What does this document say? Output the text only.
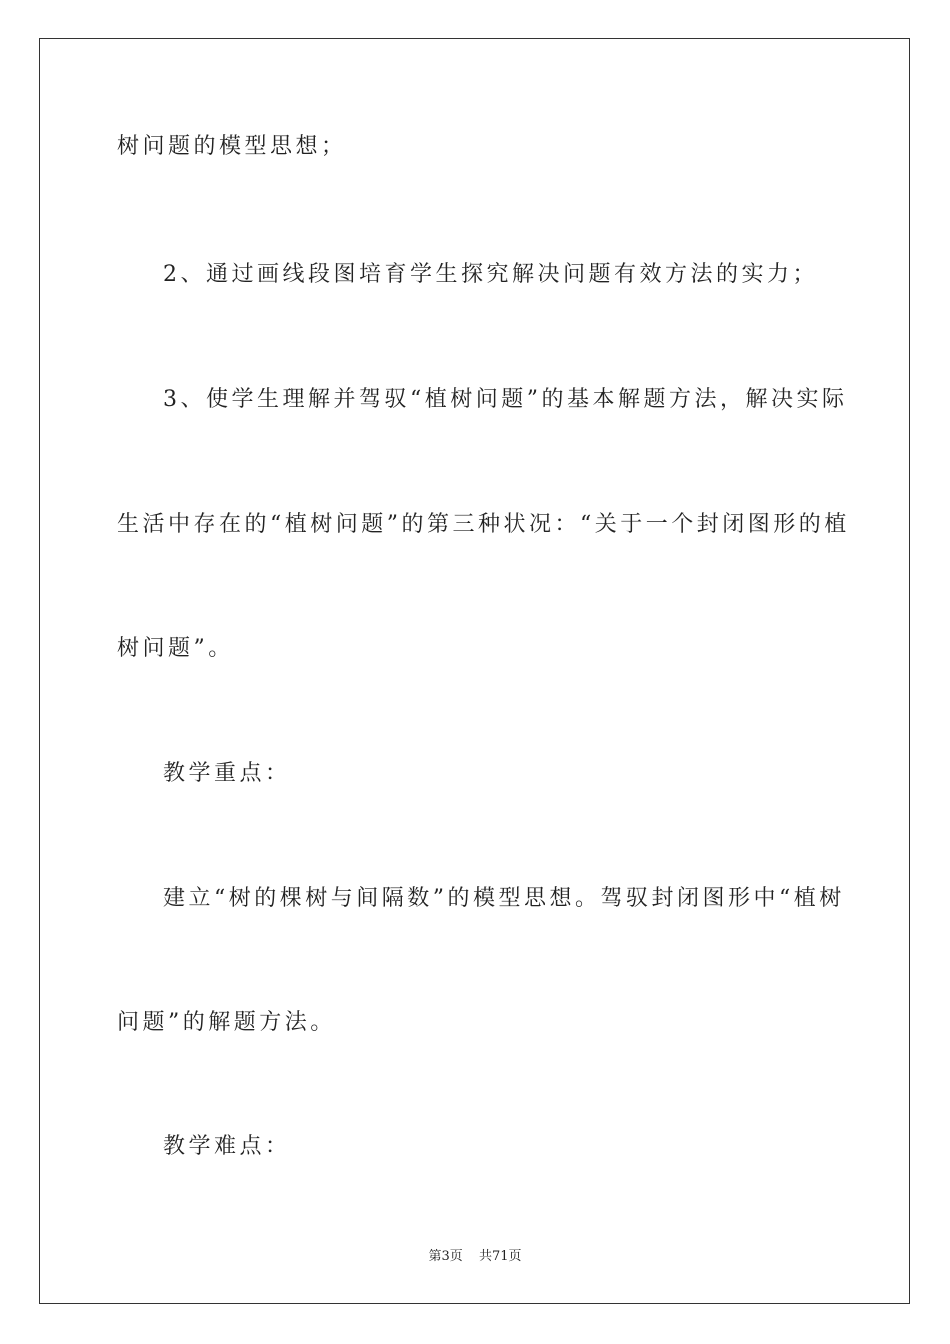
树问题的模型思想；
2、通过画线段图培育学生探究解决问题有效方法的实力；
3、使学生理解并驾驭“植树问题”的基本解题方法，解决实际
生活中存在的“植树问题”的第三种状况：“关于一个封闭图形的植
树问题”。
教学重点：
建立“树的棵树与间隔数”的模型思想。驾驭封闭图形中“植树
问题”的解题方法。
教学难点：
第3页 共71页
